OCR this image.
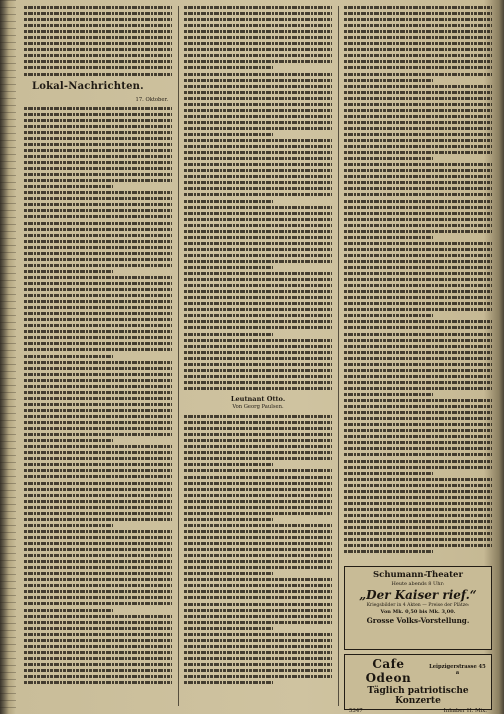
Lokal-Nachrichten.
17. Oktober.
Leutnant Otto.
Von Georg Paulsen.
Schumann-Theater
Heute abends 8 Uhr:
„Der Kaiser rief.“
Kriegsbilder in 4 Akten — Preise der Plätze:
Von Mk. 0,50 bis Mk. 3,00.
Grosse Volks-Vorstellung.
Cafe Odeon
Leipzigerstrasse 45 a
Täglich patriotische Konzerte
5347	Inhaber H. Mix.
